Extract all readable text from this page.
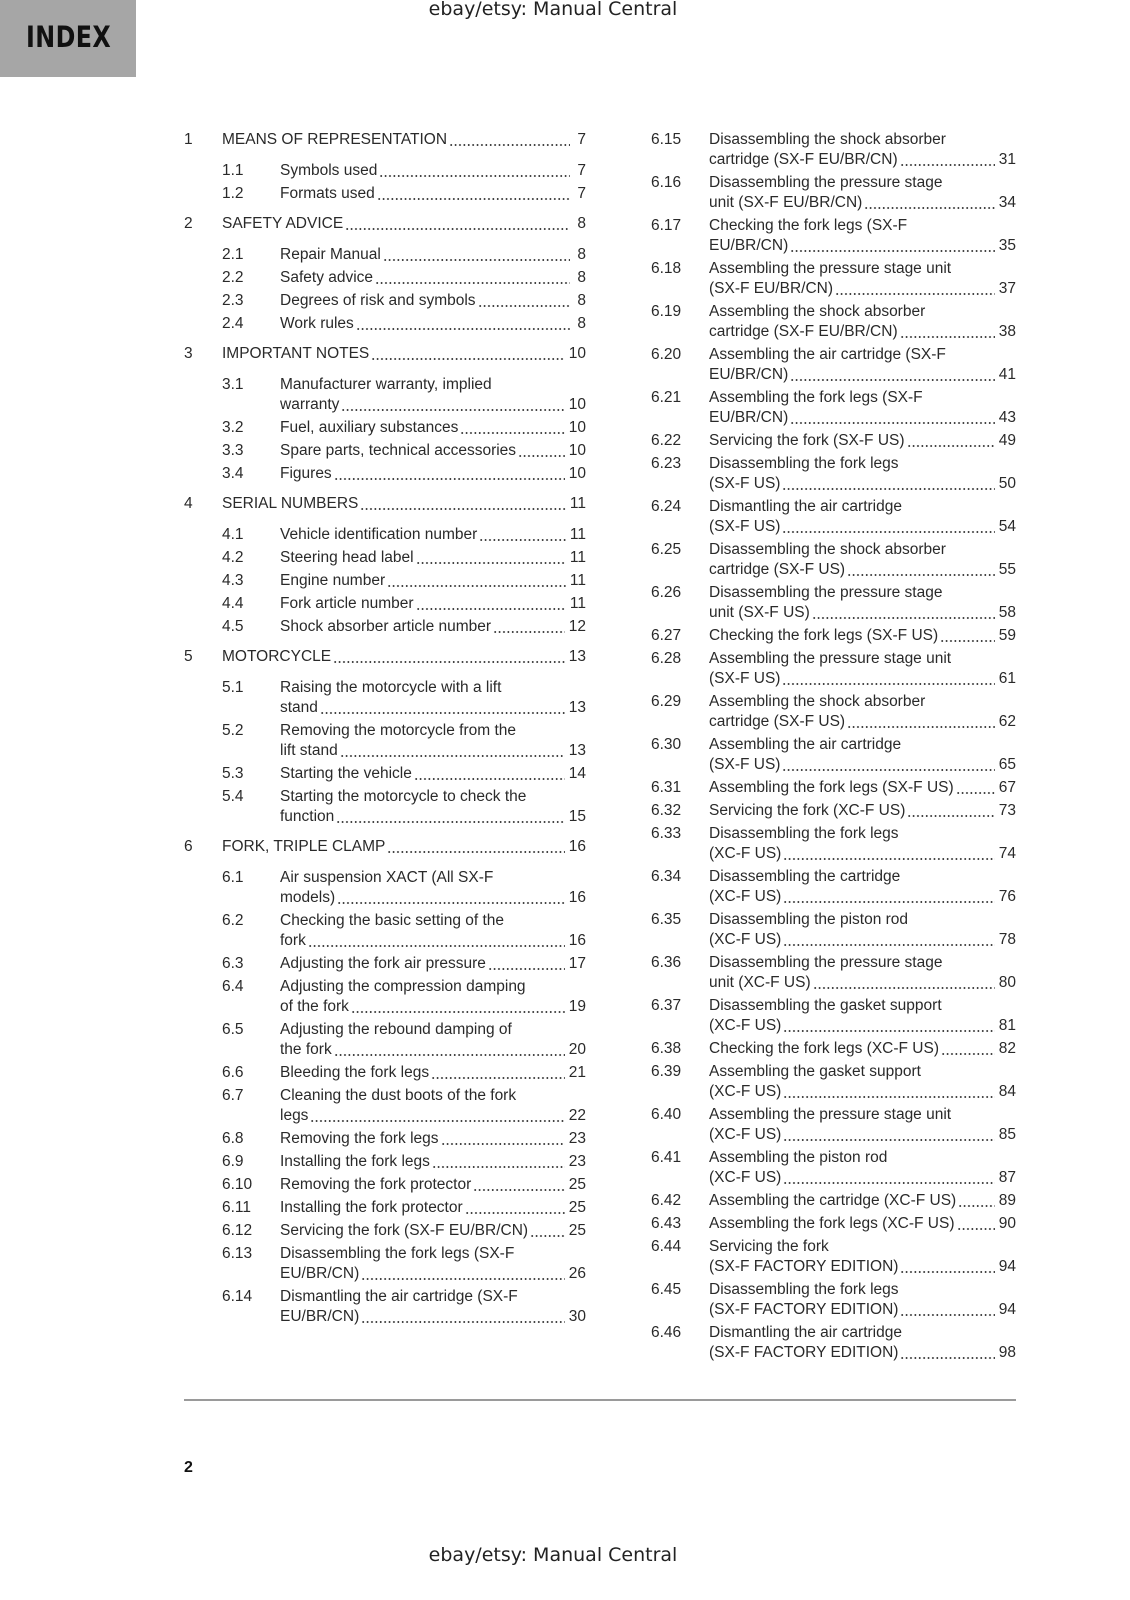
INDEX
ebay/etsy: Manual Central
1	MEANS OF REPRESENTATION	7
1.1	Symbols used	7
1.2	Formats used	7
2	SAFETY ADVICE	8
2.1	Repair Manual	8
2.2	Safety advice	8
2.3	Degrees of risk and symbols	8
2.4	Work rules	8
3	IMPORTANT NOTES	10
3.1	Manufacturer warranty, implied
warranty	10
3.2	Fuel, auxiliary substances	10
3.3	Spare parts, technical accessories	10
3.4	Figures	10
4	SERIAL NUMBERS	11
4.1	Vehicle identification number	11
4.2	Steering head label	11
4.3	Engine number	11
4.4	Fork article number	11
4.5	Shock absorber article number	12
5	MOTORCYCLE	13
5.1	Raising the motorcycle with a lift
stand	13
5.2	Removing the motorcycle from the
lift stand	13
5.3	Starting the vehicle	14
5.4	Starting the motorcycle to check the
function	15
6	FORK, TRIPLE CLAMP	16
6.1	Air suspension XACT (All SX-F
models)	16
6.2	Checking the basic setting of the
fork	16
6.3	Adjusting the fork air pressure	17
6.4	Adjusting the compression damping
of the fork	19
6.5	Adjusting the rebound damping of
the fork	20
6.6	Bleeding the fork legs	21
6.7	Cleaning the dust boots of the fork
legs	22
6.8	Removing the fork legs	23
6.9	Installing the fork legs	23
6.10	Removing the fork protector	25
6.11	Installing the fork protector	25
6.12	Servicing the fork (SX-F EU/BR/CN)	25
6.13	Disassembling the fork legs (SX-F
EU/BR/CN)	26
6.14	Dismantling the air cartridge (SX-F
EU/BR/CN)	30
6.15	Disassembling the shock absorber
cartridge (SX-F EU/BR/CN)	31
6.16	Disassembling the pressure stage
unit (SX-F EU/BR/CN)	34
6.17	Checking the fork legs (SX-F
EU/BR/CN)	35
6.18	Assembling the pressure stage unit
(SX-F EU/BR/CN)	37
6.19	Assembling the shock absorber
cartridge (SX-F EU/BR/CN)	38
6.20	Assembling the air cartridge (SX-F
EU/BR/CN)	41
6.21	Assembling the fork legs (SX-F
EU/BR/CN)	43
6.22	Servicing the fork (SX-F US)	49
6.23	Disassembling the fork legs
(SX-F US)	50
6.24	Dismantling the air cartridge
(SX-F US)	54
6.25	Disassembling the shock absorber
cartridge (SX-F US)	55
6.26	Disassembling the pressure stage
unit (SX-F US)	58
6.27	Checking the fork legs (SX-F US)	59
6.28	Assembling the pressure stage unit
(SX-F US)	61
6.29	Assembling the shock absorber
cartridge (SX-F US)	62
6.30	Assembling the air cartridge
(SX-F US)	65
6.31	Assembling the fork legs (SX-F US)	67
6.32	Servicing the fork (XC-F US)	73
6.33	Disassembling the fork legs
(XC-F US)	74
6.34	Disassembling the cartridge
(XC-F US)	76
6.35	Disassembling the piston rod
(XC-F US)	78
6.36	Disassembling the pressure stage
unit (XC-F US)	80
6.37	Disassembling the gasket support
(XC-F US)	81
6.38	Checking the fork legs (XC-F US)	82
6.39	Assembling the gasket support
(XC-F US)	84
6.40	Assembling the pressure stage unit
(XC-F US)	85
6.41	Assembling the piston rod
(XC-F US)	87
6.42	Assembling the cartridge (XC-F US)	89
6.43	Assembling the fork legs (XC-F US)	90
6.44	Servicing the fork
(SX-F FACTORY EDITION)	94
6.45	Disassembling the fork legs
(SX-F FACTORY EDITION)	94
6.46	Dismantling the air cartridge
(SX-F FACTORY EDITION)	98
2
ebay/etsy: Manual Central
